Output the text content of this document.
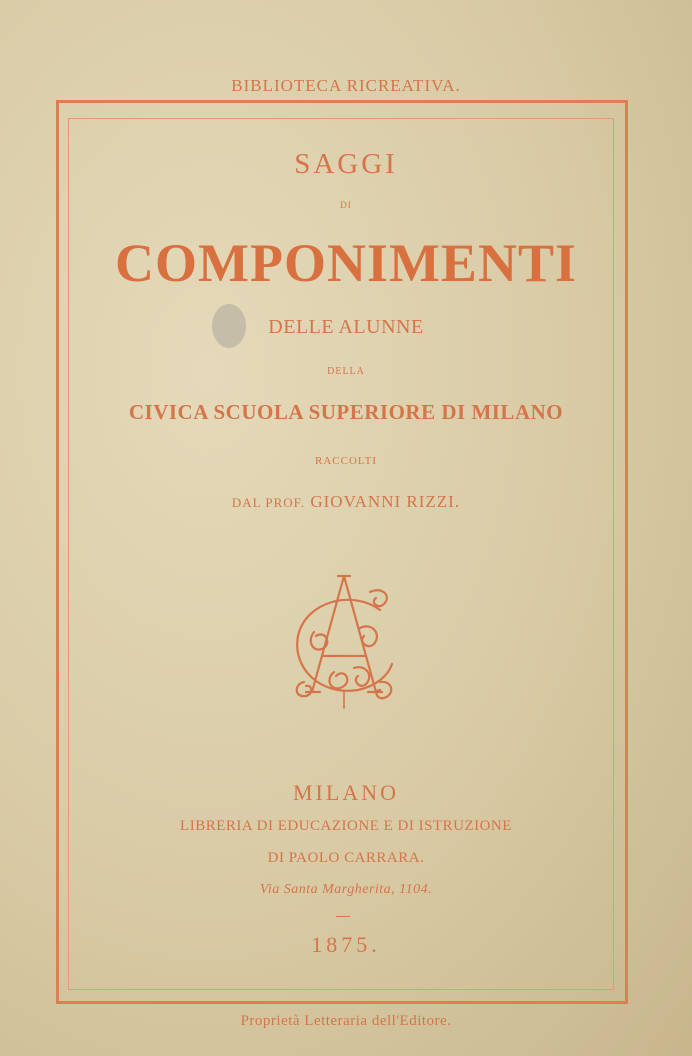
BIBLIOTECA RICREATIVA.
SAGGI
DI
COMPONIMENTI
DELLE ALUNNE
DELLA
CIVICA SCUOLA SUPERIORE DI MILANO
RACCOLTI
DAL PROF. GIOVANNI RIZZI.
MILANO
LIBRERIA DI EDUCAZIONE E DI ISTRUZIONE
DI PAOLO CARRARA.
Via Santa Margherita, 1104.
1875.
Proprietà Letteraria dell'Editore.
